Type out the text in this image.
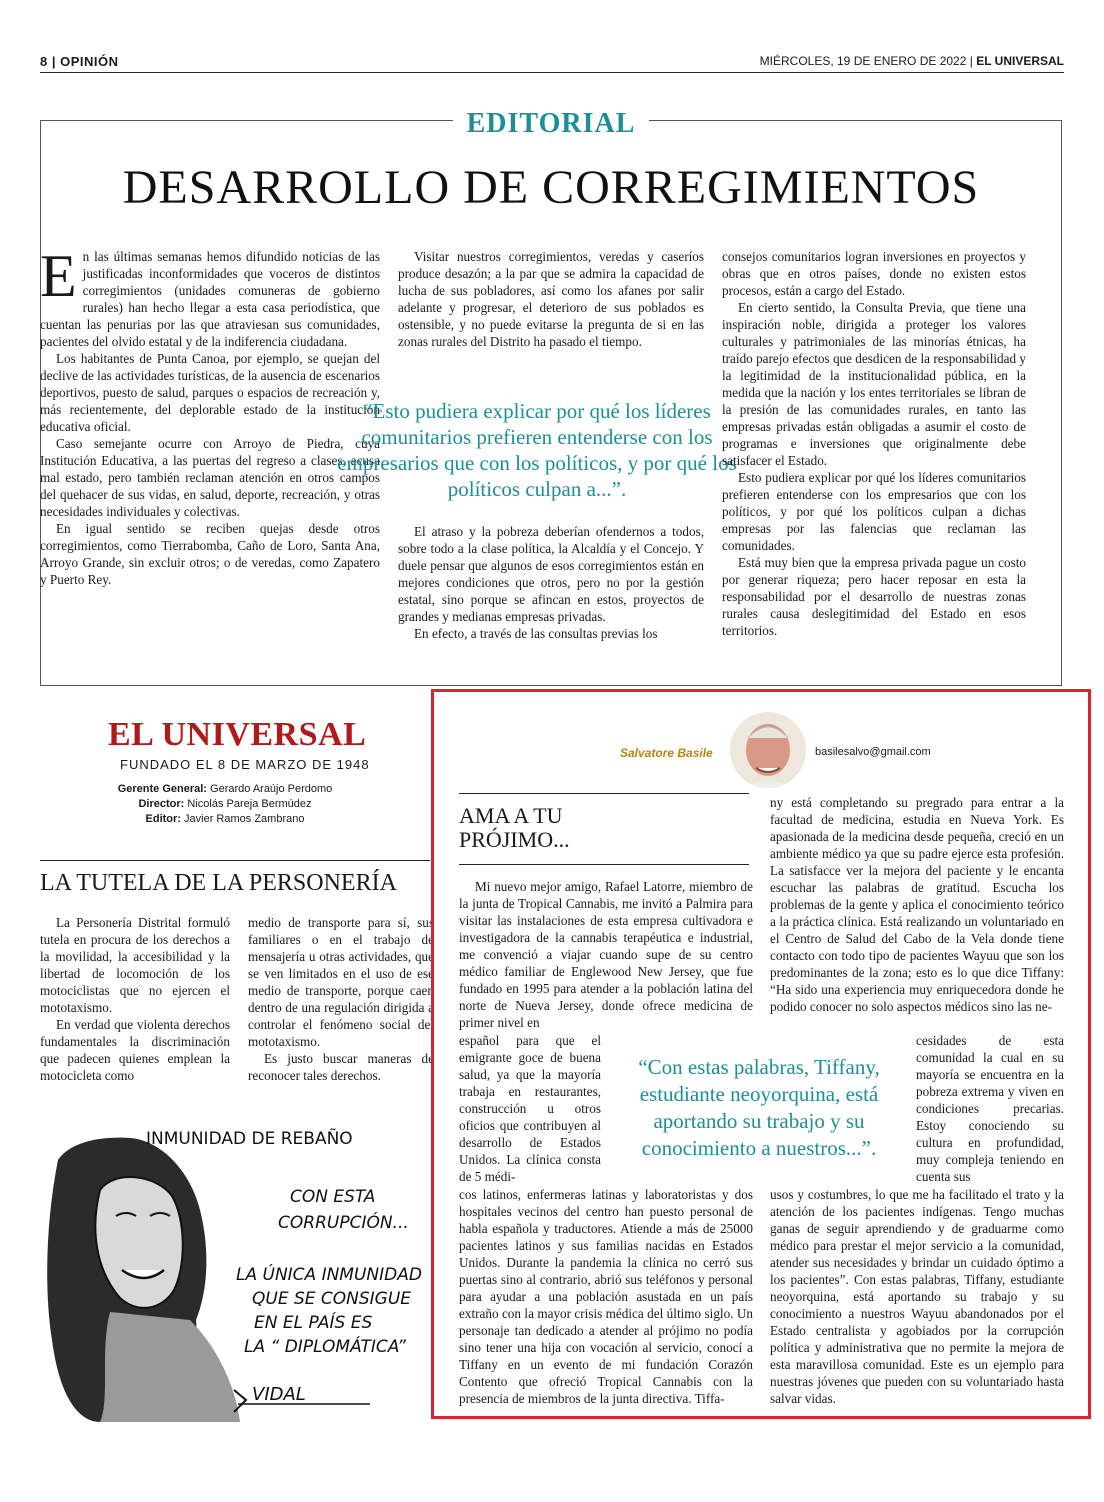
8 | OPINIÓN	MIÉRCOLES, 19 DE ENERO DE 2022 | EL UNIVERSAL
EDITORIAL
DESARROLLO DE CORREGIMIENTOS

En las últimas semanas hemos difundido noticias de las justificadas inconformidades que voceros de distintos corregimientos (unidades comuneras de gobierno rurales) han hecho llegar a esta casa periodística, que cuentan las penurias por las que atraviesan sus comunidades, pacientes del olvido estatal y de la indiferencia ciudadana.

Los habitantes de Punta Canoa, por ejemplo, se quejan del declive de las actividades turísticas, de la ausencia de escenarios deportivos, puesto de salud, parques o espacios de recreación y, más recientemente, del deplorable estado de la institución educativa oficial.

Caso semejante ocurre con Arroyo de Piedra, cuya Institución Educativa, a las puertas del regreso a clases, acusa mal estado, pero también reclaman atención en otros campos del quehacer de sus vidas, en salud, deporte, recreación, y otras necesidades individuales y colectivas.

En igual sentido se reciben quejas desde otros corregimientos, como Tierrabomba, Caño de Loro, Santa Ana, Arroyo Grande, sin excluir otros; o de veredas, como Zapatero y Puerto Rey.

Visitar nuestros corregimientos, veredas y caseríos produce desazón; a la par que se admira la capacidad de lucha de sus pobladores, así como los afanes por salir adelante y progresar, el deterioro de sus poblados es ostensible, y no puede evitarse la pregunta de si en las zonas rurales del Distrito ha pasado el tiempo.

“Esto pudiera explicar por qué los líderes comunitarios prefieren entenderse con los empresarios que con los políticos, y por qué los políticos culpan a...”.

El atraso y la pobreza deberían ofendernos a todos, sobre todo a la clase política, la Alcaldía y el Concejo. Y duele pensar que algunos de esos corregimientos están en mejores condiciones que otros, pero no por la gestión estatal, sino porque se afincan en estos, proyectos de grandes y medianas empresas privadas.

En efecto, a través de las consultas previas los

consejos comunitarios logran inversiones en proyectos y obras que en otros países, donde no existen estos procesos, están a cargo del Estado.

En cierto sentido, la Consulta Previa, que tiene una inspiración noble, dirigida a proteger los valores culturales y patrimoniales de las minorías étnicas, ha traído parejo efectos que desdicen de la responsabilidad y la legitimidad de la institucionalidad pública, en la medida que la nación y los entes territoriales se libran de la presión de las comunidades rurales, en tanto las empresas privadas están obligadas a asumir el costo de programas e inversiones que originalmente debe satisfacer el Estado.

Esto pudiera explicar por qué los líderes comunitarios prefieren entenderse con los empresarios que con los políticos, y por qué los políticos culpan a dichas empresas por las falencias que reclaman las comunidades.

Está muy bien que la empresa privada pague un costo por generar riqueza; pero hacer reposar en esta la responsabilidad por el desarrollo de nuestras zonas rurales causa deslegitimidad del Estado en esos territorios.

EL UNIVERSAL
FUNDADO EL 8 DE MARZO DE 1948
Gerente General: Gerardo Araújo Perdomo
Director: Nicolás Pareja Bermúdez
Editor: Javier Ramos Zambrano
LA TUTELA DE LA PERSONERÍA

La Personería Distrital formuló tutela en procura de los derechos a la movilidad, la accesibilidad y la libertad de locomoción de los motociclistas que no ejercen el mototaxismo.

En verdad que violenta derechos fundamentales la discriminación que padecen quienes emplean la motocicleta como

medio de transporte para sí, sus familiares o en el trabajo de mensajería u otras actividades, que se ven limitados en el uso de ese medio de transporte, porque caen dentro de una regulación dirigida a controlar el fenómeno social del mototaxismo.

Es justo buscar maneras de reconocer tales derechos.

INMUNIDAD DE REBAÑO
CON ESTA
CORRUPCIÓN...
LA ÚNICA INMUNIDAD
QUE SE CONSIGUE
EN EL PAÍS ES
LA “ DIPLOMÁTICA”
VIDAL
Salvatore Basile	basilesalvo@gmail.com
AMA A TU
PRÓJIMO...

Mi nuevo mejor amigo, Rafael Latorre, miembro de la junta de Tropical Cannabis, me invitó a Palmira para visitar las instalaciones de esta empresa cultivadora e investigadora de la cannabis terapéutica e industrial, me convenció a viajar cuando supe de su centro médico familiar de Englewood New Jersey, que fue fundado en 1995 para atender a la población latina del norte de Nueva Jersey, donde ofrece medicina de primer nivel en

español para que el emigrante goce de buena salud, ya que la mayoría trabaja en restaurantes, construcción u otros oficios que contribuyen al desarrollo de Estados Unidos. La clínica consta de 5 médi-

cos latinos, enfermeras latinas y laboratoristas y dos hospitales vecinos del centro han puesto personal de habla española y traductores. Atiende a más de 25000 pacientes latinos y sus familias nacidas en Estados Unidos. Durante la pandemia la clínica no cerró sus puertas sino al contrario, abrió sus teléfonos y personal para ayudar a una población asustada en un país extraño con la mayor crisis médica del último siglo. Un personaje tan dedicado a atender al prójimo no podía sino tener una hija con vocación al servicio, conocí a Tiffany en un evento de mi fundación Corazón Contento que ofreció Tropical Cannabis con la presencia de miembros de la junta directiva. Tiffa-

ny está completando su pregrado para entrar a la facultad de medicina, estudia en Nueva York. Es apasionada de la medicina desde pequeña, creció en un ambiente médico ya que su padre ejerce esta profesión. La satisfacce ver la mejora del paciente y le encanta escuchar las palabras de gratitud. Escucha los problemas de la gente y aplica el conocimiento teórico a la práctica clínica. Está realizando un voluntariado en el Centro de Salud del Cabo de la Vela donde tiene contacto con todo tipo de pacientes Wayuu que son los predominantes de la zona; esto es lo que dice Tiffany: “Ha sido una experiencia muy enriquecedora donde he podido conocer no solo aspectos médicos sino las ne-

cesidades de esta comunidad la cual en su mayoría se encuentra en la pobreza extrema y viven en condiciones precarias. Estoy conociendo su cultura en profundidad, muy compleja teniendo en cuenta sus

usos y costumbres, lo que me ha facilitado el trato y la atención de los pacientes indígenas. Tengo muchas ganas de seguir aprendiendo y de graduarme como médico para prestar el mejor servicio a la comunidad, atender sus necesidades y brindar un cuidado óptimo a los pacientes”. Con estas palabras, Tiffany, estudiante neoyorquina, está aportando su trabajo y su conocimiento a nuestros Wayuu abandonados por el Estado centralista y agobiados por la corrupción política y administrativa que no permite la mejora de esta maravillosa comunidad. Este es un ejemplo para nuestras jóvenes que pueden con su voluntariado hasta salvar vidas.

“Con estas palabras, Tiffany, estudiante neoyorquina, está aportando su trabajo y su conocimiento a nuestros...”.
